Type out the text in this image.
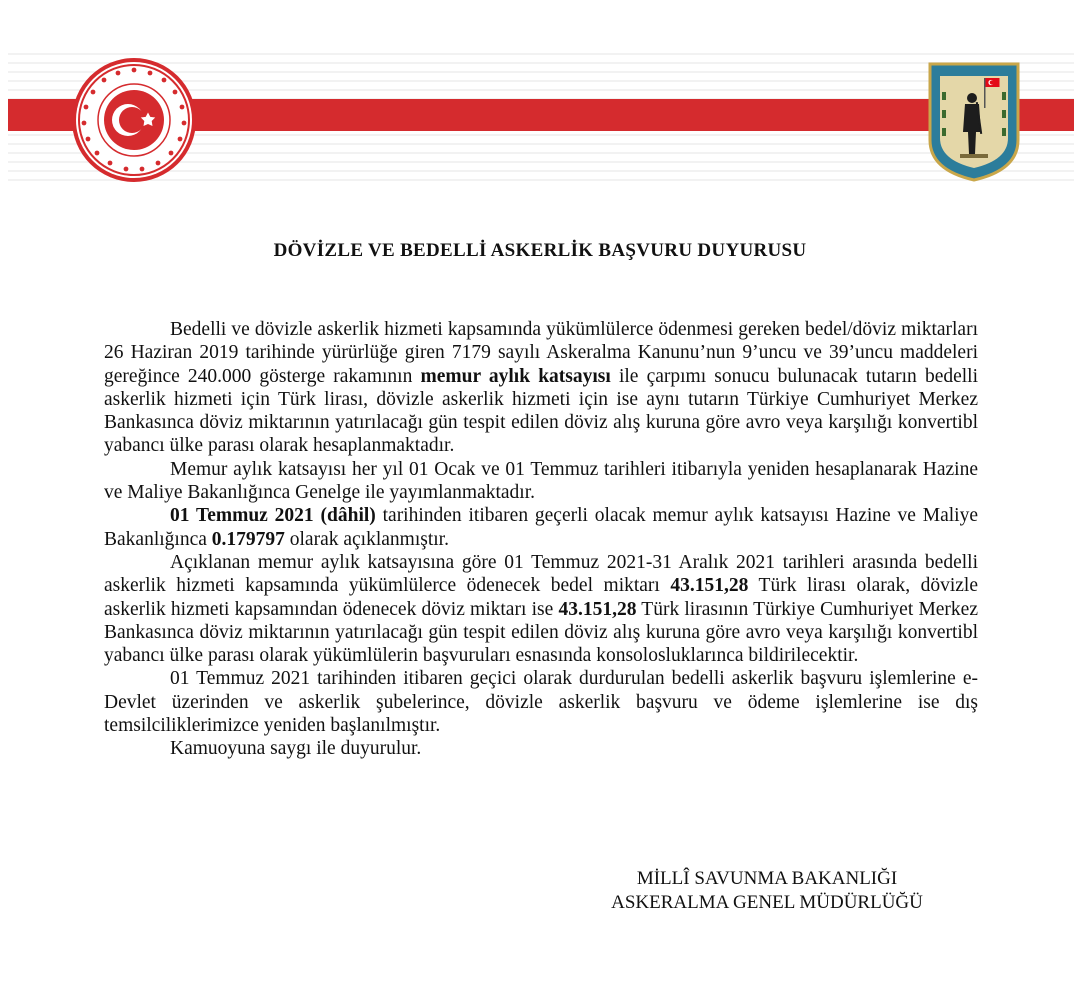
DÖVİZLE VE BEDELLİ ASKERLİK BAŞVURU DUYURUSU

Bedelli ve dövizle askerlik hizmeti kapsamında yükümlülerce ödenmesi gereken bedel/döviz miktarları 26 Haziran 2019 tarihinde yürürlüğe giren 7179 sayılı Askeralma Kanunu’nun 9’uncu ve 39’uncu maddeleri gereğince 240.000 gösterge rakamının memur aylık katsayısı ile çarpımı sonucu bulunacak tutarın bedelli askerlik hizmeti için Türk lirası, dövizle askerlik hizmeti için ise aynı tutarın Türkiye Cumhuriyet Merkez Bankasınca döviz miktarının yatırılacağı gün tespit edilen döviz alış kuruna göre avro veya karşılığı konvertibl yabancı ülke parası olarak hesaplanmaktadır.

Memur aylık katsayısı her yıl 01 Ocak ve 01 Temmuz tarihleri itibarıyla yeniden hesaplanarak Hazine ve Maliye Bakanlığınca Genelge ile yayımlanmaktadır.

01 Temmuz 2021 (dâhil) tarihinden itibaren geçerli olacak memur aylık katsayısı Hazine ve Maliye Bakanlığınca 0.179797 olarak açıklanmıştır.

Açıklanan memur aylık katsayısına göre 01 Temmuz 2021-31 Aralık 2021 tarihleri arasında bedelli askerlik hizmeti kapsamında yükümlülerce ödenecek bedel miktarı 43.151,28 Türk lirası olarak, dövizle askerlik hizmeti kapsamından ödenecek döviz miktarı ise 43.151,28 Türk lirasının Türkiye Cumhuriyet Merkez Bankasınca döviz miktarının yatırılacağı gün tespit edilen döviz alış kuruna göre avro veya karşılığı konvertibl yabancı ülke parası olarak yükümlülerin başvuruları esnasında konsolosluklarınca bildirilecektir.

01 Temmuz 2021 tarihinden itibaren geçici olarak durdurulan bedelli askerlik başvuru işlemlerine e-Devlet üzerinden ve askerlik şubelerince, dövizle askerlik başvuru ve ödeme işlemlerine ise dış temsilciliklerimizce yeniden başlanılmıştır.

Kamuoyuna saygı ile duyurulur.

MİLLÎ SAVUNMA BAKANLIĞI
ASKERALMA GENEL MÜDÜRLÜĞÜ
